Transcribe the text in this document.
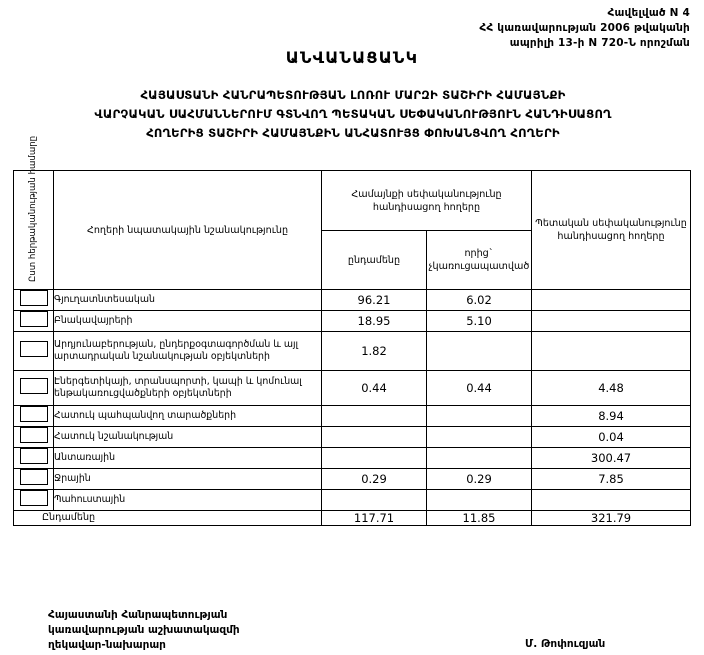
Հավելված N 4
ՀՀ կառավարության 2006 թվականի
ապրիլի 13-ի N 720-Ն որոշման
ԱՆՎԱՆԱՑԱՆԿ
ՀԱՅԱՍՏԱՆԻ ՀԱՆՐԱՊԵՏՈՒԹՅԱՆ ԼՈՌՈՒ ՄԱՐԶԻ ՏԱՇԻՐԻ ՀԱՄԱՅՆՔԻ
ՎԱՐՉԱԿԱՆ ՍԱՀՄԱՆՆԵՐՈՒՄ ԳՏՆՎՈՂ ՊԵՏԱԿԱՆ ՍԵՓԱԿԱՆՈՒԹՅՈՒՆ ՀԱՆԴԻՍԱՑՈՂ
ՀՈՂԵՐԻՑ ՏԱՇԻՐԻ ՀԱՄԱՅՆՔԻՆ ԱՆՀԱՏՈՒՅՑ ՓՈԽԱՆՑՎՈՂ ՀՈՂԵՐԻ
Ըստ հերթականության համարը	Հողերի նպատակային նշանակությունը	Համայնքի սեփականությունը հանդիսացող հողերը		Պետական սեփականությունը հանդիսացող հողերը
		ընդամենը	որից` չկառուցապատված	
	Գյուղատնտեսական	96.21	6.02	
	Բնակավայրերի	18.95	5.10	
	Արդյունաբերության, ընդերքօգտագործման և այլ արտադրական նշանակության օբյեկտների	1.82		
	Էներգետիկայի, տրանսպորտի, կապի և կոմունալ ենթակառուցվածքների օբյեկտների	0.44	0.44	4.48
	Հատուկ պահպանվող տարածքների			8.94
	Հատուկ նշանակության			0.04
	Անտառային			300.47
	Ջրային	0.29	0.29	7.85
	Պահուստային			
Ընդամենը		117.71	11.85	321.79
Հայաստանի Հանրապետության
կառավարության աշխատակազմի
ղեկավար-նախարար	Մ. Թոփուզյան
